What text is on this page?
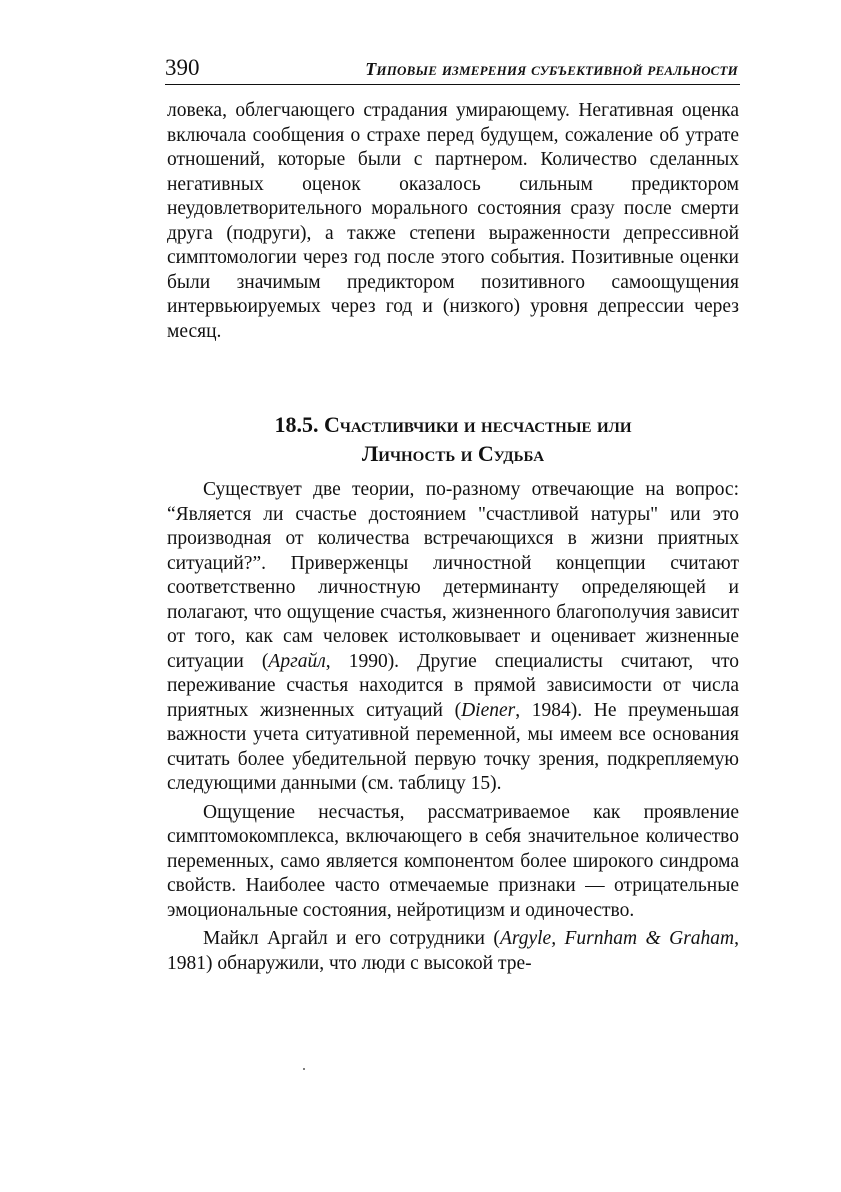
390	Типовые измерения субъективной реальности

ловека, облегчающего страдания умирающему. Негативная оценка включала сообщения о страхе перед будущем, сожаление об утрате отношений, которые были с партнером. Количество сделанных негативных оценок оказалось сильным предиктором неудовлетворительного морального состояния сразу после смерти друга (подруги), а также степени выраженности депрессивной симптомологии через год после этого события. Позитивные оценки были значимым предиктором позитивного самоощущения интервьюируемых через год и (низкого) уровня депрессии через месяц.

18.5. Счастливчики и несчастные или
Личность и Судьба

Существует две теории, по-разному отвечающие на вопрос: “Является ли счастье достоянием "счастливой натуры" или это производная от количества встречающихся в жизни приятных ситуаций?”. Приверженцы личностной концепции считают соответственно личностную детерминанту определяющей и полагают, что ощущение счастья, жизненного благополучия зависит от того, как сам человек истолковывает и оценивает жизненные ситуации (Аргайл, 1990). Другие специалисты считают, что переживание счастья находится в прямой зависимости от числа приятных жизненных ситуаций (Diener, 1984). Не преуменьшая важности учета ситуативной переменной, мы имеем все основания считать более убедительной первую точку зрения, подкрепляемую следующими данными (см. таблицу 15).

Ощущение несчастья, рассматриваемое как проявление симптомокомплекса, включающего в себя значительное количество переменных, само является компонентом более широкого синдрома свойств. Наиболее часто отмечаемые признаки — отрицательные эмоциональные состояния, нейротицизм и одиночество.

Майкл Аргайл и его сотрудники (Argyle, Furnham & Graham, 1981) обнаружили, что люди с высокой тре-
